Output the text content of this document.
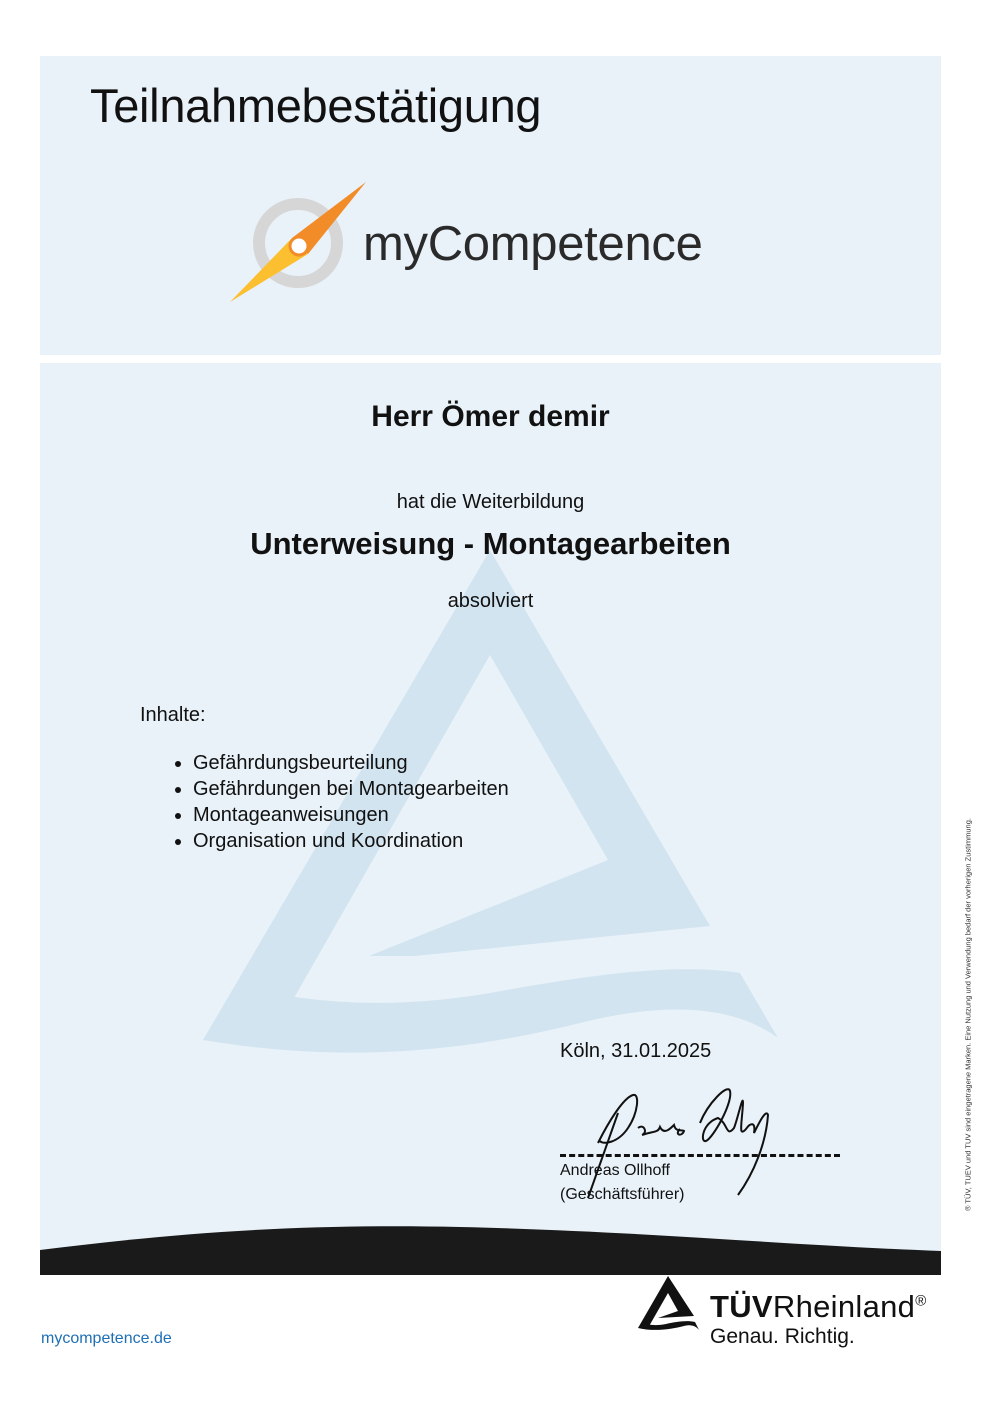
Teilnahmebestätigung
myCompetence

Herr Ömer demir

hat die Weiterbildung

Unterweisung - Montagearbeiten

absolviert

Inhalte:
• Gefährdungsbeurteilung
• Gefährdungen bei Montagearbeiten
• Montageanweisungen
• Organisation und Koordination
Köln, 31.01.2025
Andreas Ollhoff
(Geschäftsführer)
mycompetence.de
TÜVRheinland®
Genau. Richtig.
® TÜV, TUEV und TUV sind eingetragene Marken. Eine Nutzung und Verwendung bedarf der vorherigen Zustimmung.
